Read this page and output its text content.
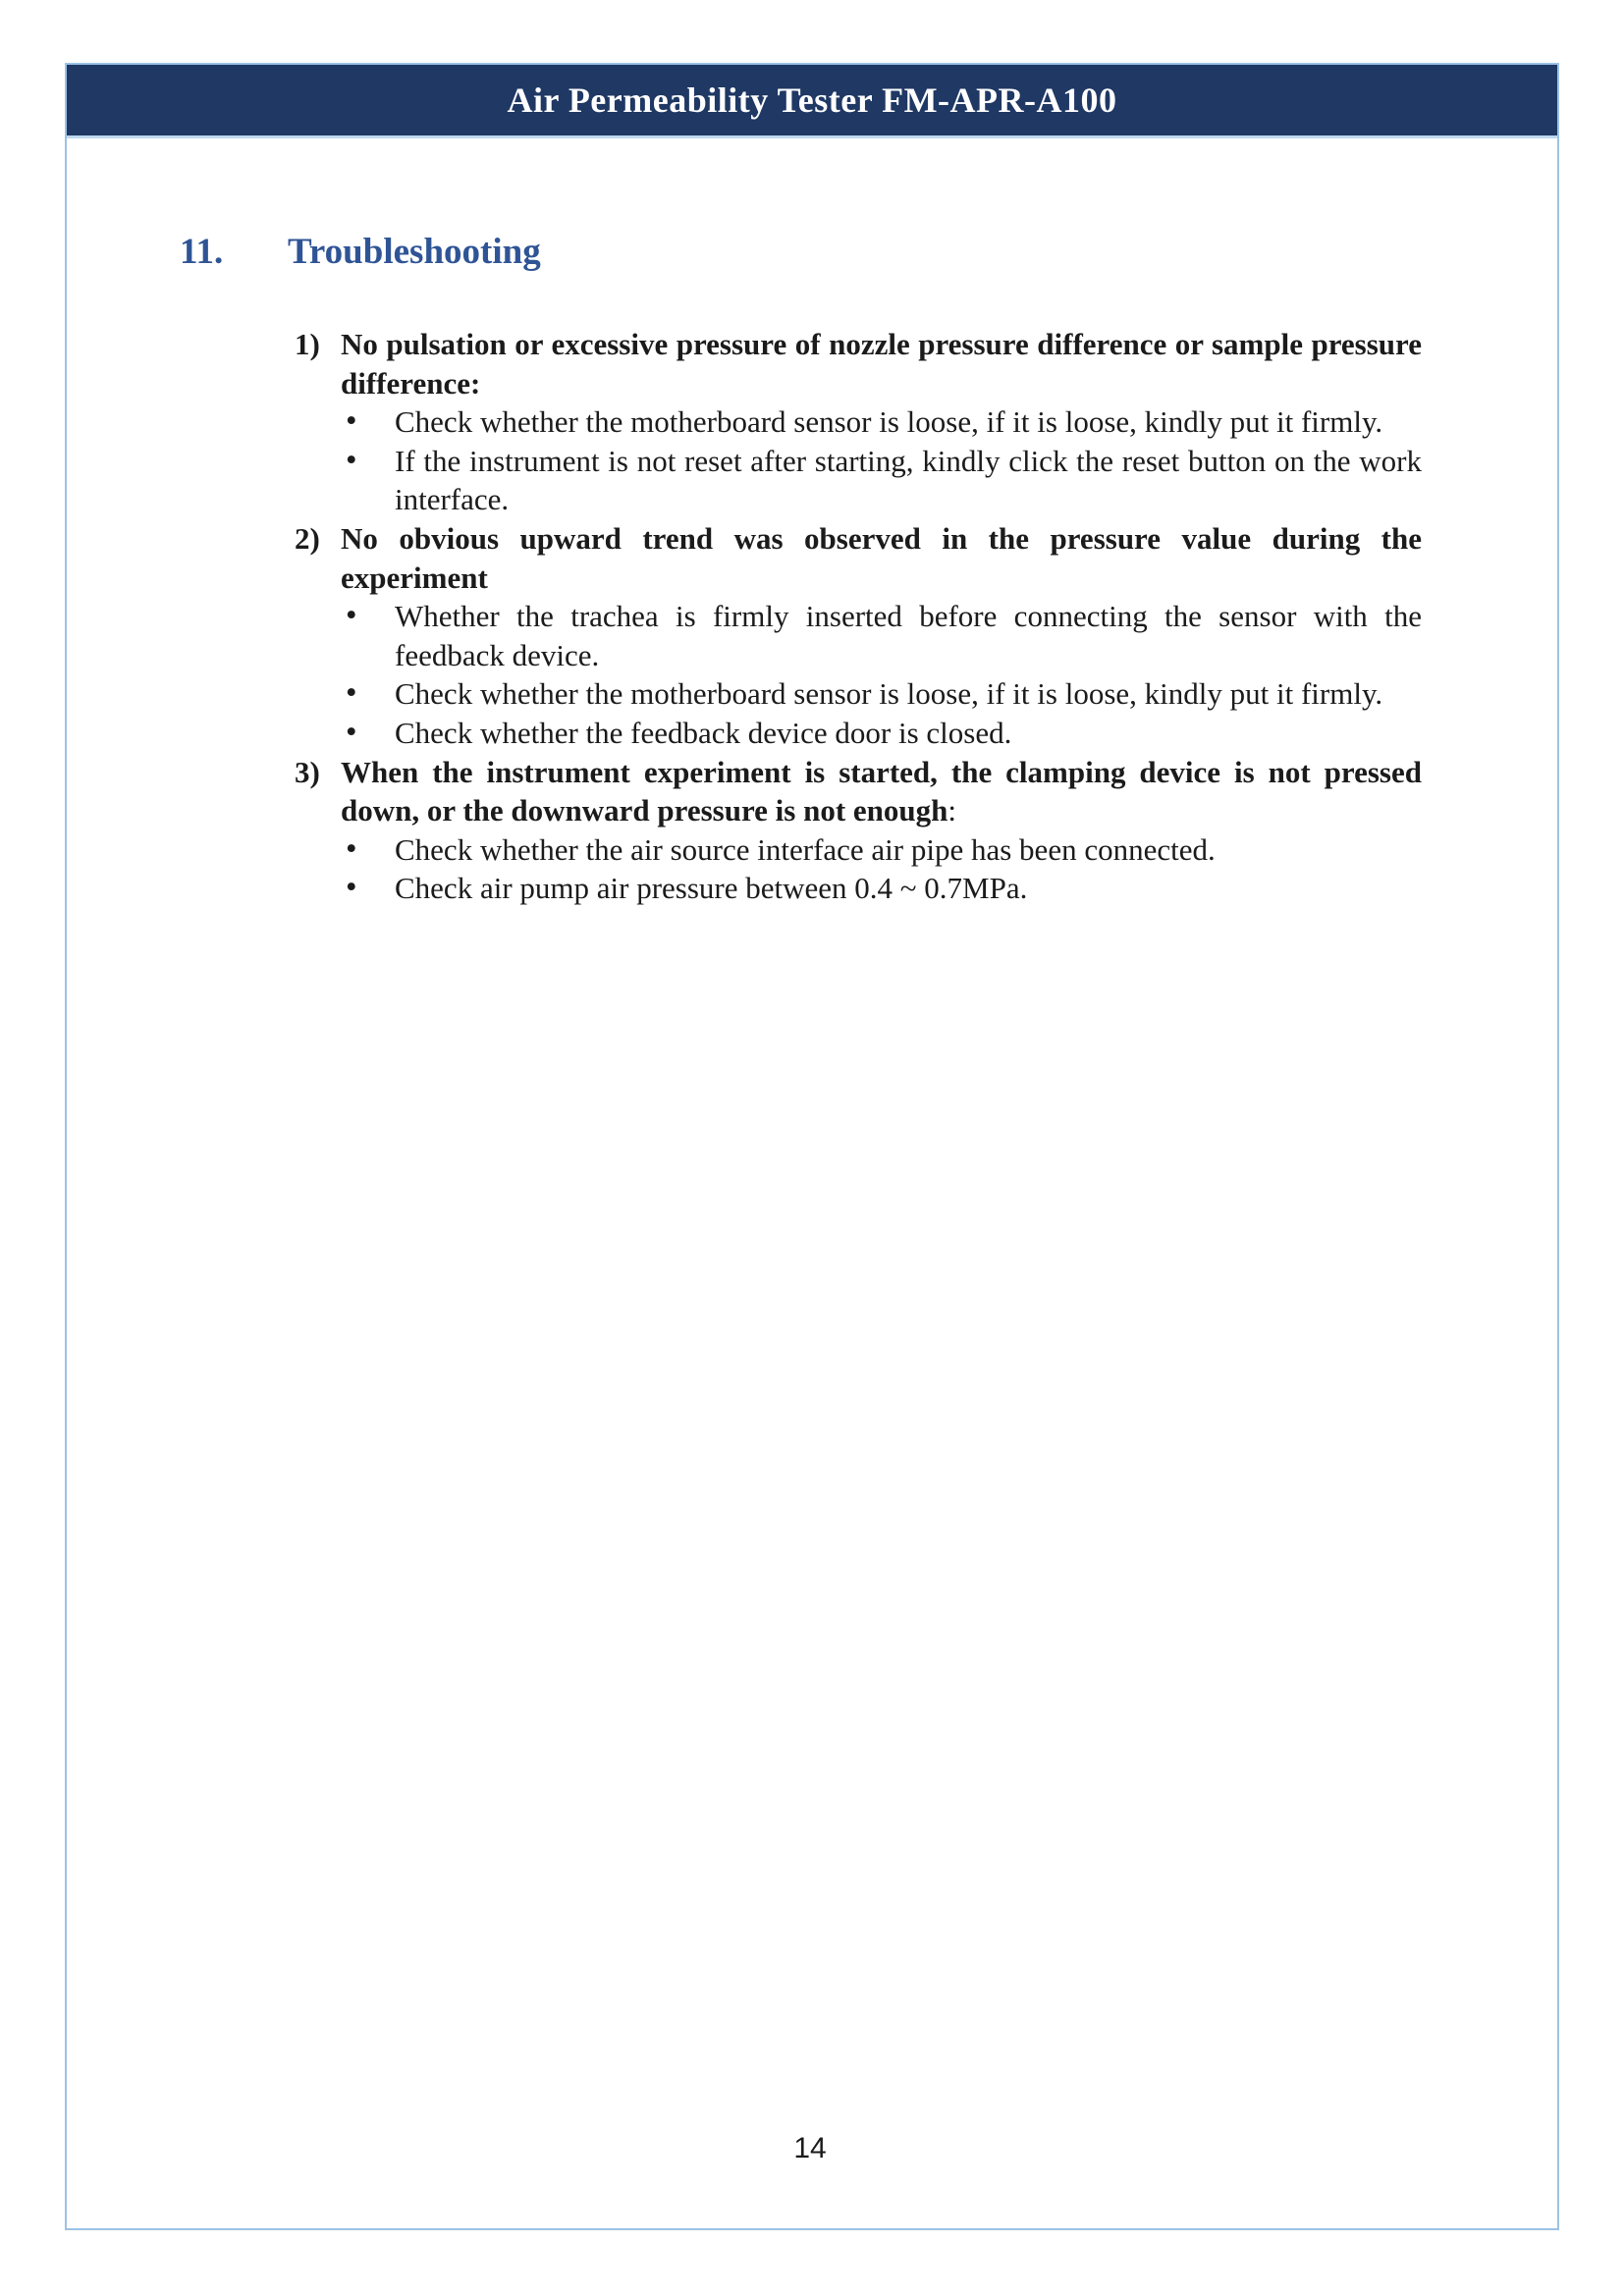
Air Permeability Tester FM-APR-A100
11. Troubleshooting
1) No pulsation or excessive pressure of nozzle pressure difference or sample pressure difference:
•	Check whether the motherboard sensor is loose, if it is loose, kindly put it firmly.
•	If the instrument is not reset after starting, kindly click the reset button on the work interface.
2) No obvious upward trend was observed in the pressure value during the experiment
•	Whether the trachea is firmly inserted before connecting the sensor with the feedback device.
•	Check whether the motherboard sensor is loose, if it is loose, kindly put it firmly.
•	Check whether the feedback device door is closed.
3) When the instrument experiment is started, the clamping device is not pressed down, or the downward pressure is not enough:
•	Check whether the air source interface air pipe has been connected.
•	Check air pump air pressure between 0.4 ~ 0.7MPa.
14
